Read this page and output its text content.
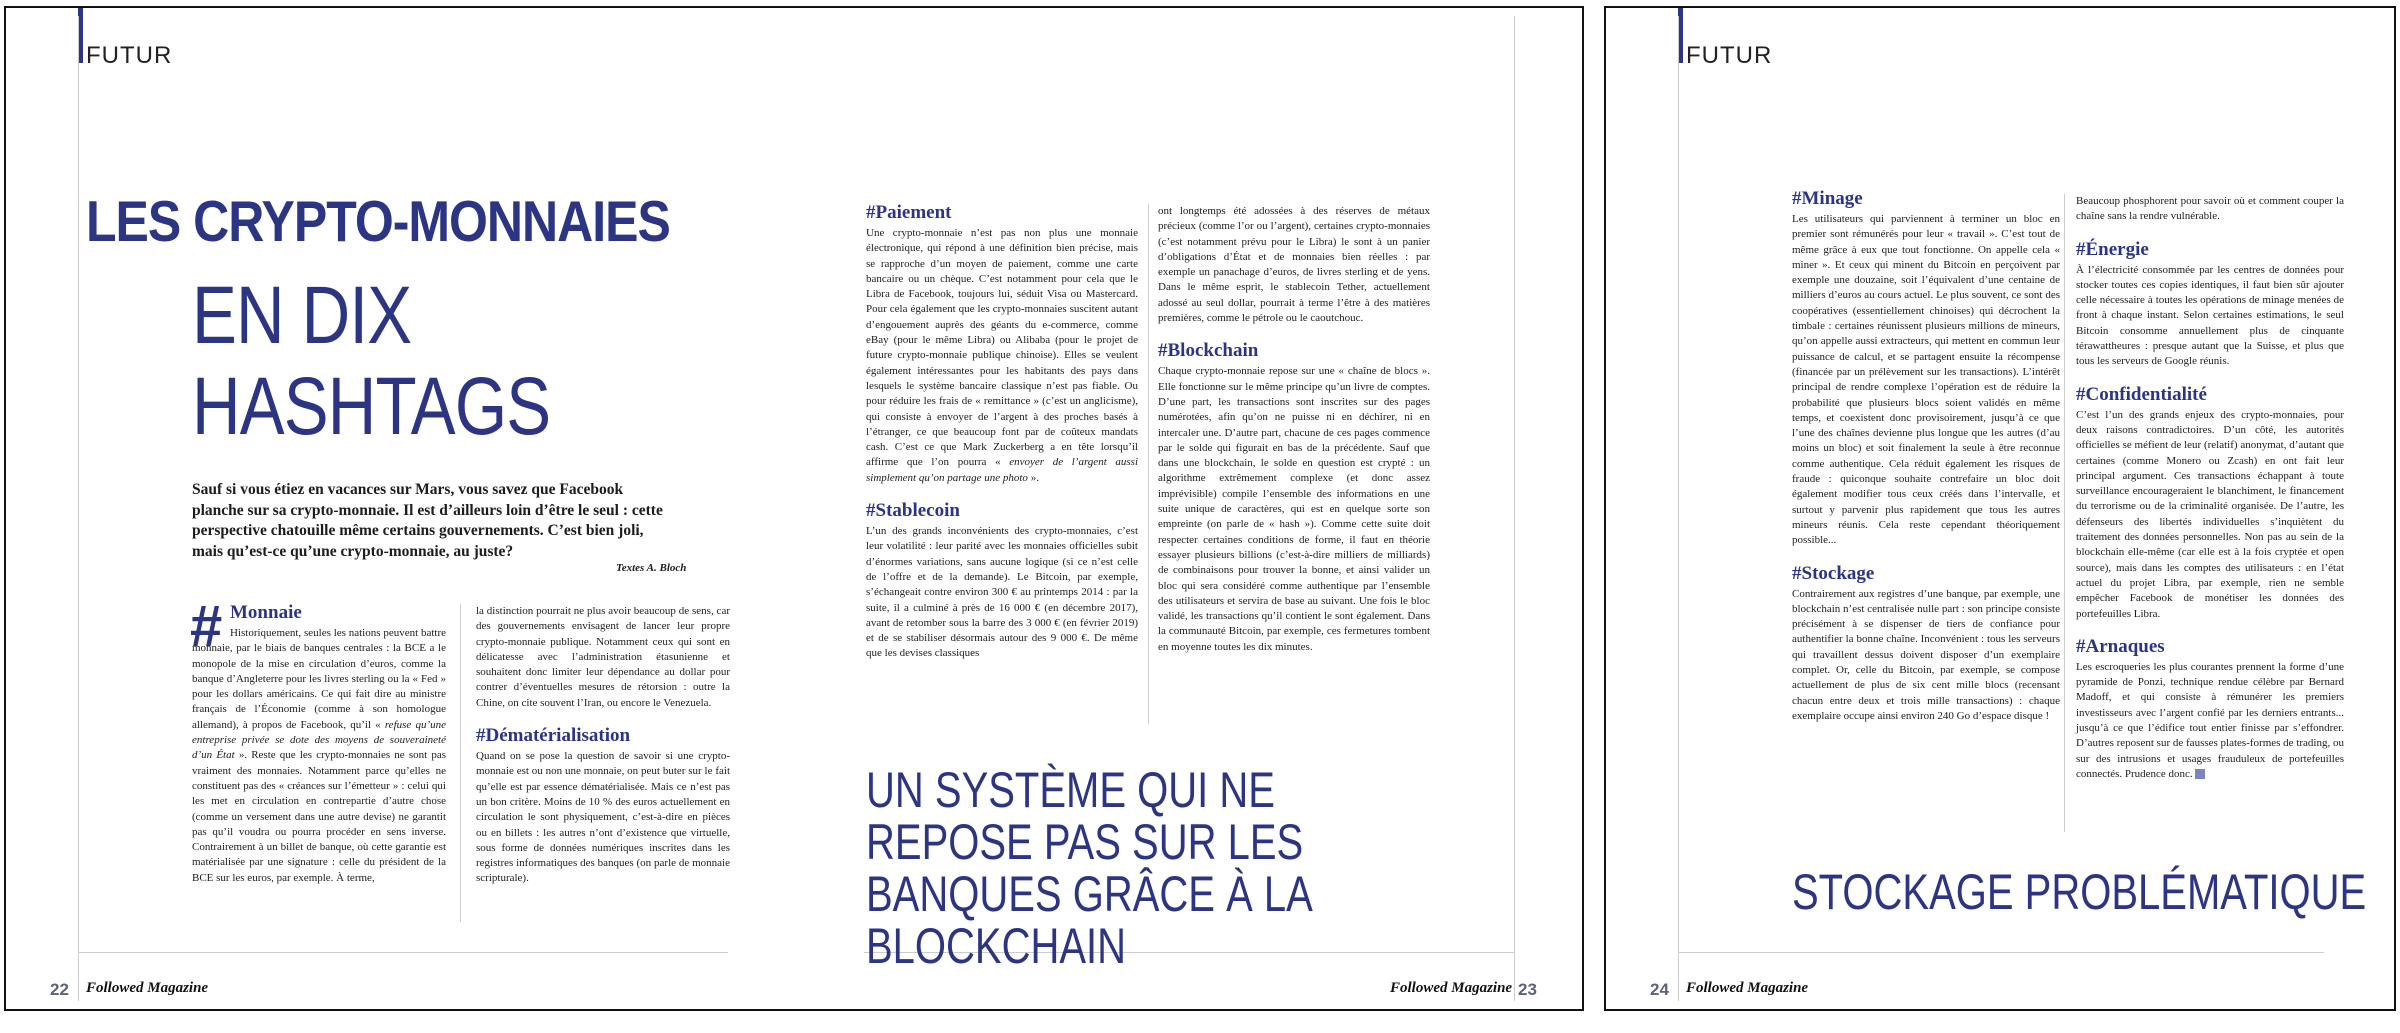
FUTUR
LES CRYPTO-MONNAIES
EN DIX
HASHTAGS
Sauf si vous étiez en vacances sur Mars, vous savez que Facebook planche sur sa crypto-monnaie. Il est d’ailleurs loin d’être le seul : cette perspective chatouille même certains gouvernements. C’est bien joli, mais qu’est-ce qu’une crypto-monnaie, au juste?
Textes A. Bloch
# Monnaie

Historiquement, seules les nations peuvent battre monnaie, par le biais de banques centrales : la BCE a le monopole de la mise en circulation d’euros, comme la banque d’Angleterre pour les livres sterling ou la « Fed » pour les dollars américains. Ce qui fait dire au ministre français de l’Économie (comme à son homologue allemand), à propos de Facebook, qu’il « refuse qu’une entreprise privée se dote des moyens de souveraineté d’un État ». Reste que les crypto-monnaies ne sont pas vraiment des monnaies. Notamment parce qu’elles ne constituent pas des « créances sur l’émetteur » : celui qui les met en circulation en contrepartie d’autre chose (comme un versement dans une autre devise) ne garantit pas qu’il voudra ou pourra procéder en sens inverse. Contrairement à un billet de banque, où cette garantie est matérialisée par une signature : celle du président de la BCE sur les euros, par exemple. À terme,

la distinction pourrait ne plus avoir beaucoup de sens, car des gouvernements envisagent de lancer leur propre crypto-monnaie publique. Notamment ceux qui sont en délicatesse avec l’administration étasunienne et souhaitent donc limiter leur dépendance au dollar pour contrer d’éventuelles mesures de rétorsion : outre la Chine, on cite souvent l’Iran, ou encore le Venezuela.

#Dématérialisation

Quand on se pose la question de savoir si une crypto-monnaie est ou non une monnaie, on peut buter sur le fait qu’elle est par essence dématérialisée. Mais ce n’est pas un bon critère. Moins de 10 % des euros actuellement en circulation le sont physiquement, c’est-à-dire en pièces ou en billets : les autres n’ont d’existence que virtuelle, sous forme de données numériques inscrites dans les registres informatiques des banques (on parle de monnaie scripturale).

#Paiement

Une crypto-monnaie n’est pas non plus une monnaie électronique, qui répond à une définition bien précise, mais se rapproche d’un moyen de paiement, comme une carte bancaire ou un chèque. C’est notamment pour cela que le Libra de Facebook, toujours lui, séduit Visa ou Mastercard. Pour cela également que les crypto-monnaies suscitent autant d’engouement auprès des géants du e-commerce, comme eBay (pour le même Libra) ou Alibaba (pour le projet de future crypto-monnaie publique chinoise). Elles se veulent également intéressantes pour les habitants des pays dans lesquels le système bancaire classique n’est pas fiable. Ou pour réduire les frais de « remittance » (c’est un anglicisme), qui consiste à envoyer de l’argent à des proches basés à l’étranger, ce que beaucoup font par de coûteux mandats cash. C’est ce que Mark Zuckerberg a en tête lorsqu’il affirme que l’on pourra « envoyer de l’argent aussi simplement qu’on partage une photo ».

#Stablecoin

L’un des grands inconvénients des crypto-monnaies, c’est leur volatilité : leur parité avec les monnaies officielles subit d’énormes variations, sans aucune logique (si ce n’est celle de l’offre et de la demande). Le Bitcoin, par exemple, s’échangeait contre environ 300 € au printemps 2014 : par la suite, il a culminé à près de 16 000 € (en décembre 2017), avant de retomber sous la barre des 3 000 € (en février 2019) et de se stabiliser désormais autour des 9 000 €. De même que les devises classiques

ont longtemps été adossées à des réserves de métaux précieux (comme l’or ou l’argent), certaines crypto-monnaies (c’est notamment prévu pour le Libra) le sont à un panier d’obligations d’État et de monnaies bien réelles : par exemple un panachage d’euros, de livres sterling et de yens. Dans le même esprit, le stablecoin Tether, actuellement adossé au seul dollar, pourrait à terme l’être à des matières premières, comme le pétrole ou le caoutchouc.

#Blockchain

Chaque crypto-monnaie repose sur une « chaîne de blocs ». Elle fonctionne sur le même principe qu’un livre de comptes. D’une part, les transactions sont inscrites sur des pages numérotées, afin qu’on ne puisse ni en déchirer, ni en intercaler une. D’autre part, chacune de ces pages commence par le solde qui figurait en bas de la précédente. Sauf que dans une blockchain, le solde en question est crypté : un algorithme extrêmement complexe (et donc assez imprévisible) compile l’ensemble des informations en une suite unique de caractères, qui est en quelque sorte son empreinte (on parle de « hash »). Comme cette suite doit respecter certaines conditions de forme, il faut en théorie essayer plusieurs billions (c’est-à-dire milliers de milliards) de combinaisons pour trouver la bonne, et ainsi valider un bloc qui sera considéré comme authentique par l’ensemble des utilisateurs et servira de base au suivant. Une fois le bloc validé, les transactions qu’il contient le sont également. Dans la communauté Bitcoin, par exemple, ces fermetures tombent en moyenne toutes les dix minutes.

UN SYSTÈME QUI NE REPOSE PAS SUR LES BANQUES GRÂCE À LA BLOCKCHAIN
22 Followed Magazine	Followed Magazine 23
FUTUR
#Minage

Les utilisateurs qui parviennent à terminer un bloc en premier sont rémunérés pour leur « travail ». C’est tout de même grâce à eux que tout fonctionne. On appelle cela « miner ». Et ceux qui minent du Bitcoin en perçoivent par exemple une douzaine, soit l’équivalent d’une centaine de milliers d’euros au cours actuel. Le plus souvent, ce sont des coopératives (essentiellement chinoises) qui décrochent la timbale : certaines réunissent plusieurs millions de mineurs, qu’on appelle aussi extracteurs, qui mettent en commun leur puissance de calcul, et se partagent ensuite la récompense (financée par un prélèvement sur les transactions). L’intérêt principal de rendre complexe l’opération est de réduire la probabilité que plusieurs blocs soient validés en même temps, et coexistent donc provisoirement, jusqu’à ce que l’une des chaînes devienne plus longue que les autres (d’au moins un bloc) et soit finalement la seule à être reconnue comme authentique. Cela réduit également les risques de fraude : quiconque souhaite contrefaire un bloc doit également modifier tous ceux créés dans l’intervalle, et surtout y parvenir plus rapidement que tous les autres mineurs réunis. Cela reste cependant théoriquement possible...

#Stockage

Contrairement aux registres d’une banque, par exemple, une blockchain n’est centralisée nulle part : son principe consiste précisément à se dispenser de tiers de confiance pour authentifier la bonne chaîne. Inconvénient : tous les serveurs qui travaillent dessus doivent disposer d’un exemplaire complet. Or, celle du Bitcoin, par exemple, se compose actuellement de plus de six cent mille blocs (recensant chacun entre deux et trois mille transactions) : chaque exemplaire occupe ainsi environ 240 Go d’espace disque !

Beaucoup phosphorent pour savoir où et comment couper la chaîne sans la rendre vulnérable.

#Énergie

À l’électricité consommée par les centres de données pour stocker toutes ces copies identiques, il faut bien sûr ajouter celle nécessaire à toutes les opérations de minage menées de front à chaque instant. Selon certaines estimations, le seul Bitcoin consomme annuellement plus de cinquante térawattheures : presque autant que la Suisse, et plus que tous les serveurs de Google réunis.

#Confidentialité

C’est l’un des grands enjeux des crypto-monnaies, pour deux raisons contradictoires. D’un côté, les autorités officielles se méfient de leur (relatif) anonymat, d’autant que certaines (comme Monero ou Zcash) en ont fait leur principal argument. Ces transactions échappant à toute surveillance encourageraient le blanchiment, le financement du terrorisme ou de la criminalité organisée. De l’autre, les défenseurs des libertés individuelles s’inquiètent du traitement des données personnelles. Non pas au sein de la blockchain elle-même (car elle est à la fois cryptée et open source), mais dans les comptes des utilisateurs : en l’état actuel du projet Libra, par exemple, rien ne semble empêcher Facebook de monétiser les données des portefeuilles Libra.

#Arnaques

Les escroqueries les plus courantes prennent la forme d’une pyramide de Ponzi, technique rendue célèbre par Bernard Madoff, et qui consiste à rémunérer les premiers investisseurs avec l’argent confié par les derniers entrants... jusqu’à ce que l’édifice tout entier finisse par s’effondrer. D’autres reposent sur de fausses plates-formes de trading, ou sur des intrusions et usages frauduleux de portefeuilles connectés. Prudence donc.

STOCKAGE PROBLÉMATIQUE
24 Followed Magazine
